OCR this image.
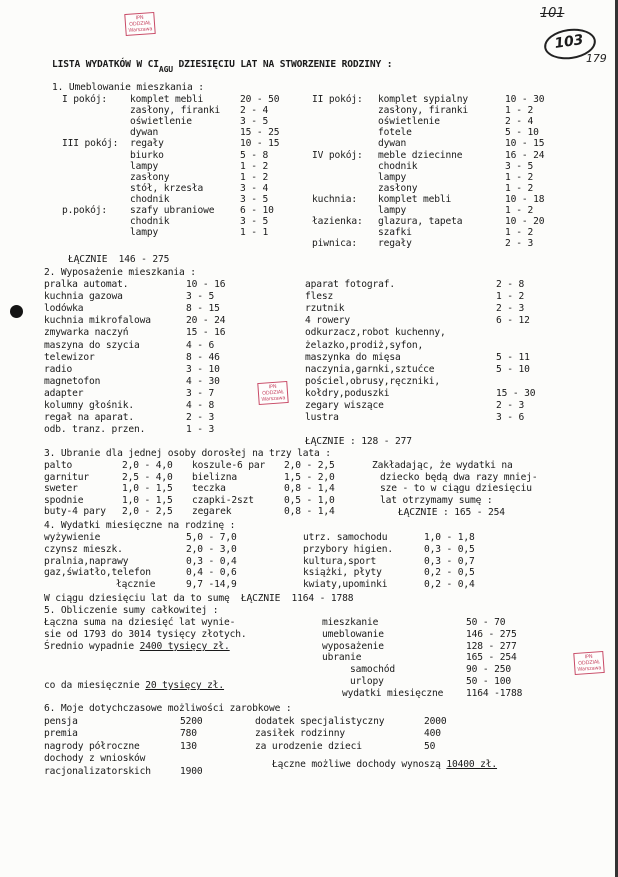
IPN
ODDZIAŁ
Warszawa
IPN
ODDZIAŁ
Warszawa
IPN
ODDZIAŁ
Warszawa
101
103
179
LISTA WYDATKÓW W $CI_{AGU}$ DZIESIĘCIU LAT NA STWORZENIE RODZINY :
1. Umeblowanie mieszkania :
I pokój: komplet mebli	20 - 50
zasłony, firanki 2 - 4
oświetlenie	3 - 5
dywan	15 - 25
III pokój: regały	10 - 15
biurko	5 - 8
lampy	1 - 2
zasłony	1 - 2
stół, krzesła	3 - 4
chodnik	3 - 5
p.pokój: szafy ubraniowe	6 - 10
chodnik	3 - 5
lampy	1 - 1
II pokój: komplet sypialny	10 - 30
zasłony, firanki	1 - 2
oświetlenie	2 - 4
fotele	5 - 10
dywan	10 - 15
IV pokój: meble dziecinne	16 - 24
chodnik	3 - 5
lampy	1 - 2
zasłony	1 - 2
kuchnia: komplet mebli	10 - 18
lampy	1 - 2
łazienka: glazura, tapeta	10 - 20
szafki	1 - 2
piwnica: regały	2 - 3
ŁĄCZNIE  146 - 275
2. Wyposażenie mieszkania :
pralka automat.	10 - 16
kuchnia gazowa	3 - 5
lodówka	8 - 15
kuchnia mikrofalowa	20 - 24
zmywarka naczyń	15 - 16
maszyna do szycia	4 - 6
telewizor	8 - 46
radio	3 - 10
magnetofon	4 - 30
adapter	3 - 7
kolumny głośnik.	4 - 8
regał na aparat.	2 - 3
odb. tranz. przen.	1 - 3
aparat fotograf.	2 - 8
flesz	1 - 2
rzutnik	2 - 3
4 rowery	6 - 12
odkurzacz,robot kuchenny,
żelazko,prodiż,syfon,
maszynka do mięsa	5 - 11
naczynia,garnki,sztućce	5 - 10
pościel,obrusy,ręczniki,
kołdry,poduszki	15 - 30
zegary wiszące	2 - 3
lustra	3 - 6
ŁĄCZNIE : 128 - 277
3. Ubranie dla jednej osoby dorosłej na trzy lata :
palto	2,0 - 4,0 koszule-6 par 2,0 - 2,5
garnitur	2,5 - 4,0 bielizna	1,5 - 2,0
sweter	1,0 - 1,5 teczka	0,8 - 1,4
spodnie	1,0 - 1,5 czapki-2szt	0,5 - 1,0
buty-4 pary 2,0 - 2,5 zegarek	0,8 - 1,4
Zakładając, że wydatki na
dziecko będą dwa razy mniej-
sze - to w ciągu dziesięciu
lat otrzymamy sumę :
ŁĄCZNIE : 165 - 254
4. Wydatki miesięczne na rodzinę :
wyżywienie	5,0 - 7,0
czynsz mieszk.	2,0 - 3,0
pralnia,naprawy	0,3 - 0,4
gaz,światło,telefon	0,4 - 0,6
łącznie	9,7 -14,9
utrz. samochodu	1,0 - 1,8
przybory higien.	0,3 - 0,5
kultura,sport	0,3 - 0,7
książki, płyty	0,2 - 0,5
kwiaty,upominki	0,2 - 0,4
W ciągu dziesięciu lat da to sumę  ŁĄCZNIE  1164 - 1788
5. Obliczenie sumy całkowitej :
Łączna suma na dziesięć lat wynie-
sie od 1793 do 3014 tysięcy złotych.
Średnio wypadnie 2400 tysięcy zł.
co da miesięcznie 20 tysięcy zł.
mieszkanie	50 - 70
umeblowanie	146 - 275
wyposażenie	128 - 277
ubranie	165 - 254
samochód	90 - 250
urlopy	50 - 100
wydatki miesięczne 1164 -1788
6. Moje dotychczasowe możliwości zarobkowe :
pensja	5200
premia	780
nagrody półroczne	130
dochody z wniosków
racjonalizatorskich	1900
dodatek specjalistyczny	2000
zasiłek rodzinny	400
za urodzenie dzieci	50
Łączne możliwe dochody wynoszą 10400 zł.
